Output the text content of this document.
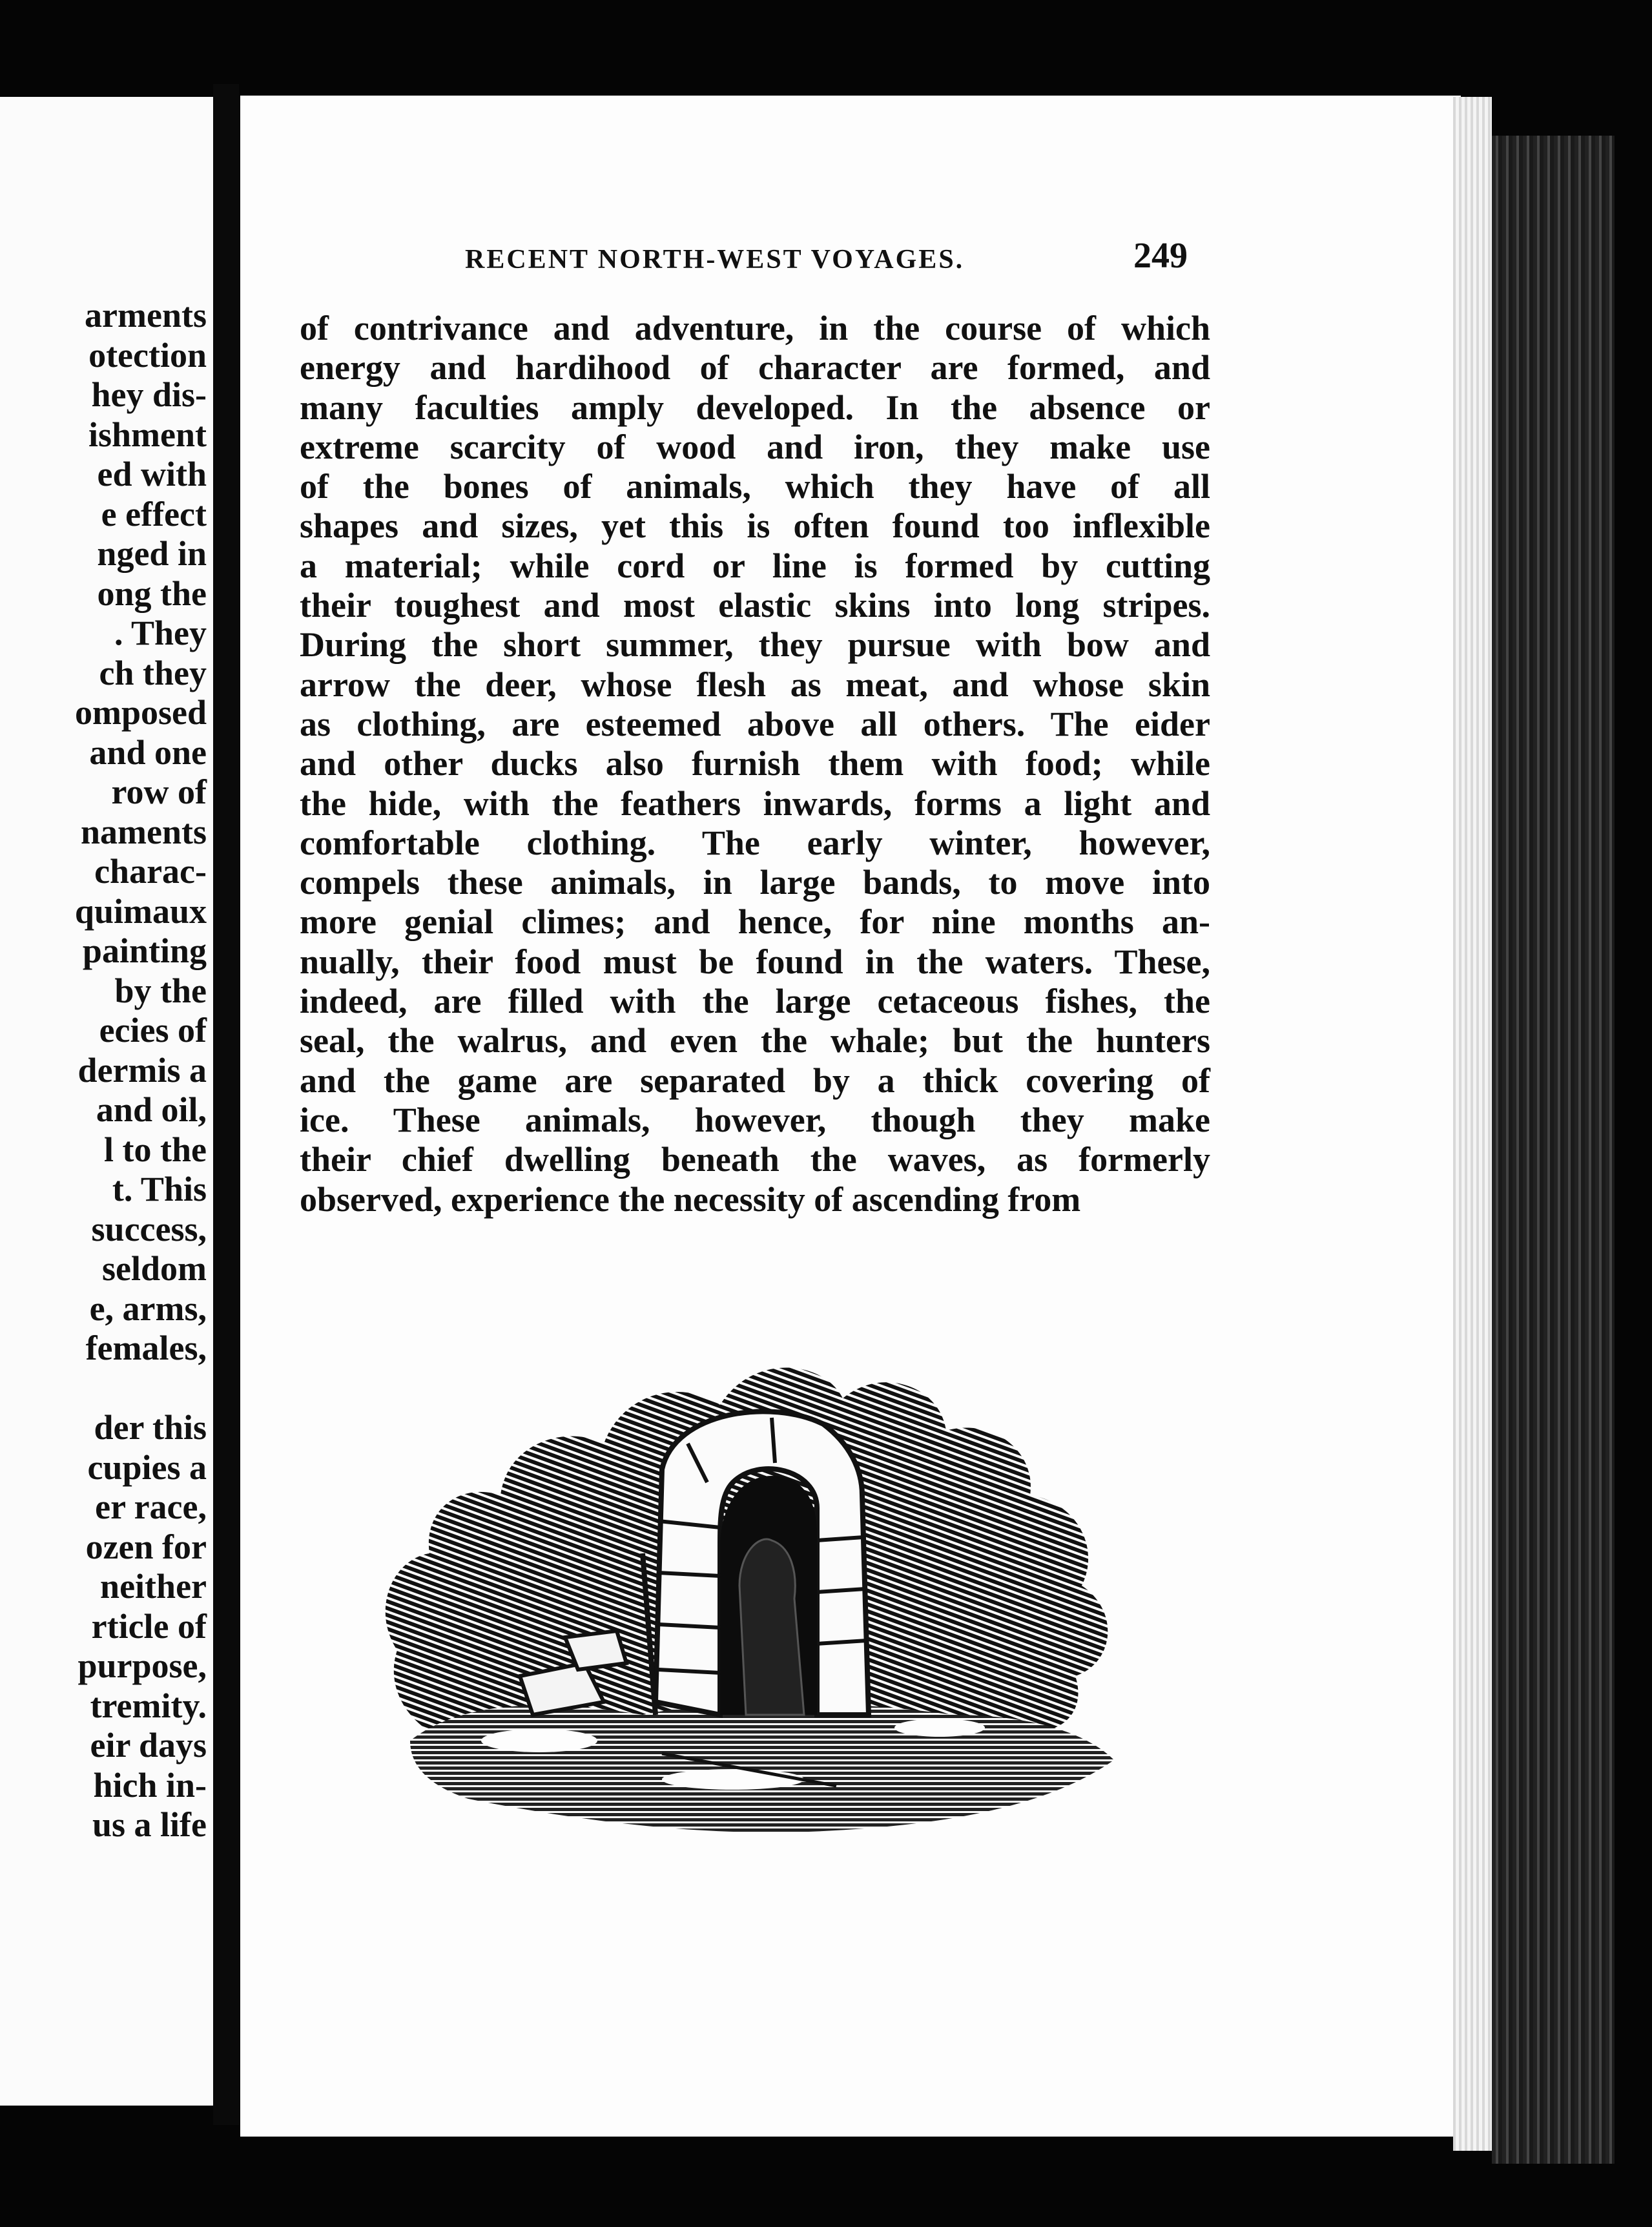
arments
otection
hey dis-
ishment
ed with
e effect
nged in
ong the
. They
ch they
omposed
and one
row of
naments
charac-
quimaux
painting
by the
ecies of
dermis a
and oil,
l to the
t. This
success,
seldom
e, arms,
females,
der this
cupies a
er race,
ozen for
neither
rticle of
purpose,
tremity.
eir days
hich in-
us a life
RECENT NORTH-WEST VOYAGES.	249
of contrivance and adventure, in the course of which
energy and hardihood of character are formed, and
many faculties amply developed. In the absence or
extreme scarcity of wood and iron, they make use
of the bones of animals, which they have of all
shapes and sizes, yet this is often found too inflexible
a material; while cord or line is formed by cutting
their toughest and most elastic skins into long stripes.
During the short summer, they pursue with bow and
arrow the deer, whose flesh as meat, and whose skin
as clothing, are esteemed above all others. The eider
and other ducks also furnish them with food; while
the hide, with the feathers inwards, forms a light and
comfortable clothing. The early winter, however,
compels these animals, in large bands, to move into
more genial climes; and hence, for nine months an-
nually, their food must be found in the waters. These,
indeed, are filled with the large cetaceous fishes, the
seal, the walrus, and even the whale; but the hunters
and the game are separated by a thick covering of
ice. These animals, however, though they make
their chief dwelling beneath the waves, as formerly
observed, experience the necessity of ascending from
